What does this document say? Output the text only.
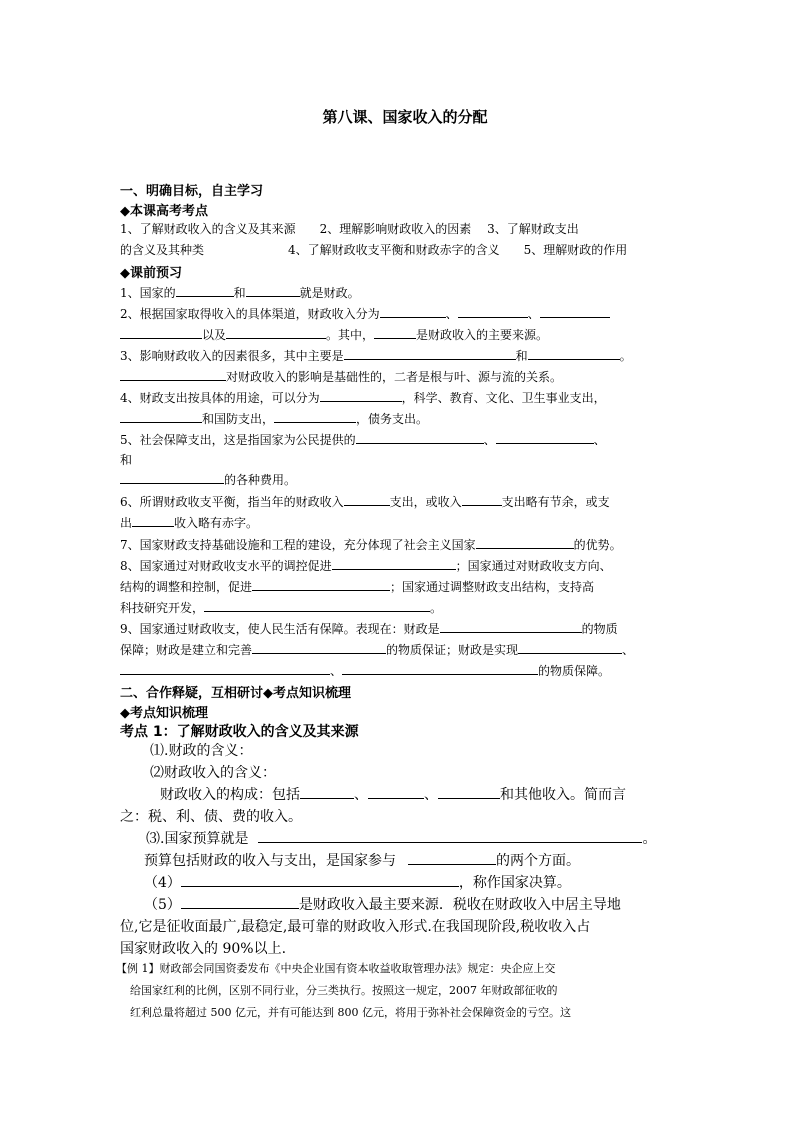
第八课、国家收入的分配
一、明确目标，自主学习
◆本课高考考点
1、了解财政收入的含义及其来源　　2、理解影响财政收入的因素　 3、了解财政支出
的含义及其种类　　　　　　　4、了解财政收支平衡和财政赤字的含义　　5、理解财政的作用
◆课前预习
1、国家的	和	就是财政。
2、根据国家取得收入的具体渠道，财政收入分为	、	、
以及	。其中，	是财政收入的主要来源。
3、影响财政收入的因素很多，其中主要是	和	。
对财政收入的影响是基础性的，二者是根与叶、源与流的关系。
4、财政支出按具体的用途，可以分为	，科学、教育、文化、卫生事业支出，
和国防支出，	，债务支出。
5、社会保障支出，这是指国家为公民提供的	、	、
和
的各种费用。
6、所谓财政收支平衡，指当年的财政收入	支出，或收入	支出略有节余，或支
出	收入略有赤字。
7、国家财政支持基础设施和工程的建设，充分体现了社会主义国家	的优势。
8、国家通过对财政收支水平的调控促进	；国家通过对财政收支方向、
结构的调整和控制，促进	；国家通过调整财政支出结构，支持高
科技研究开发，	。
9、国家通过财政收支，使人民生活有保障。表现在：财政是	的物质
保障；财政是建立和完善	的物质保证；财政是实现	、
、	的物质保障。
二、合作释疑，互相研讨◆考点知识梳理
◆考点知识梳理
考点 1：了解财政收入的含义及其来源
⑴.财政的含义：
⑵财政收入的含义：
财政收入的构成：包括	、	、	和其他收入。简而言
之：税、利、债、费的收入。
⑶.国家预算就是	。
预算包括财政的收入与支出，是国家参与	的两个方面。
（4）	，称作国家决算。
（5）	是财政收入最主要来源．税收在财政收入中居主导地
位,它是征收面最广,最稳定,最可靠的财政收入形式.在我国现阶段,税收收入占
国家财政收入的 90%以上.
【例 1】财政部会同国资委发布《中央企业国有资本收益收取管理办法》规定：央企应上交
给国家红利的比例，区别不同行业，分三类执行。按照这一规定，2007 年财政部征收的
红利总量将超过 500 亿元，并有可能达到 800 亿元，将用于弥补社会保障资金的亏空。这
